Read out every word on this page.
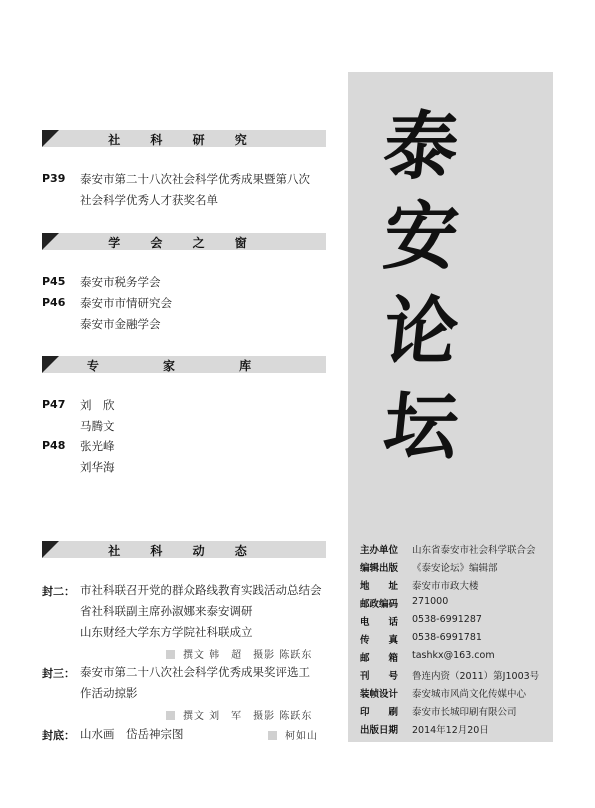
社 科 研 究
P39 泰安市第二十八次社会科学优秀成果暨第八次
社会科学优秀人才获奖名单
学 会 之 窗
P45 泰安市税务学会
P46 泰安市市情研究会
泰安市金融学会
专 家 库
P47 刘　欣
马腾文
P48 张光峰
刘华海
社 科 动 态
封二： 市社科联召开党的群众路线教育实践活动总结会
省社科联副主席孙淑娜来泰安调研
山东财经大学东方学院社科联成立
撰文 韩　超　摄影 陈跃东
封三： 泰安市第二十八次社会科学优秀成果奖评选工
作活动掠影
撰文 刘　军　摄影 陈跃东
封底： 山水画　岱岳神宗图	柯如山
泰
安
论
坛
主办单位	山东省泰安市社会科学联合会
编辑出版	《泰安论坛》编辑部
地　　址	泰安市市政大楼
邮政编码	271000
电　　话	0538-6991287
传　　真	0538-6991781
邮　　箱	tashkx@163.com
刊　　号	鲁连内资（2011）第J1003号
装帧设计	泰安城市风尚文化传媒中心
印　　刷	泰安市长城印刷有限公司
出版日期	2014年12月20日
